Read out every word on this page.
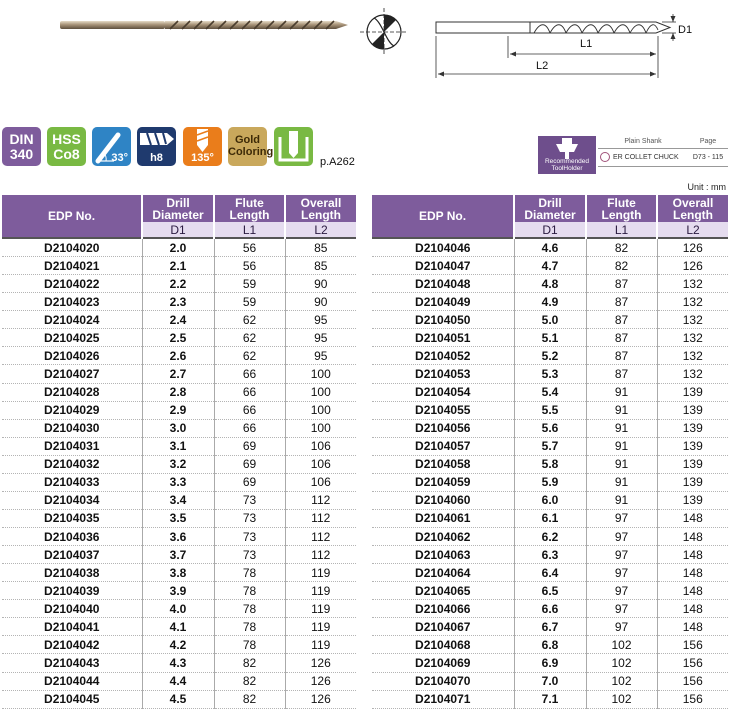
L1
L2
D1
DIN
340
HSS
Co8	33°	h8	135°
Gold
Coloring
p.A262	Recommended
ToolHolder
Plain Shank	Page
ER COLLET CHUCK	D73 - 115
Unit : mm
EDP No.	Drill
Diameter	Flute
Length	Overall
Length
	D1	L1	L2
D2104020	2.0	56	85
D2104021	2.1	56	85
D2104022	2.2	59	90
D2104023	2.3	59	90
D2104024	2.4	62	95
D2104025	2.5	62	95
D2104026	2.6	62	95
D2104027	2.7	66	100
D2104028	2.8	66	100
D2104029	2.9	66	100
D2104030	3.0	66	100
D2104031	3.1	69	106
D2104032	3.2	69	106
D2104033	3.3	69	106
D2104034	3.4	73	112
D2104035	3.5	73	112
D2104036	3.6	73	112
D2104037	3.7	73	112
D2104038	3.8	78	119
D2104039	3.9	78	119
D2104040	4.0	78	119
D2104041	4.1	78	119
D2104042	4.2	78	119
D2104043	4.3	82	126
D2104044	4.4	82	126
D2104045	4.5	82	126
EDP No.	Drill
Diameter	Flute
Length	Overall
Length
	D1	L1	L2
D2104046	4.6	82	126
D2104047	4.7	82	126
D2104048	4.8	87	132
D2104049	4.9	87	132
D2104050	5.0	87	132
D2104051	5.1	87	132
D2104052	5.2	87	132
D2104053	5.3	87	132
D2104054	5.4	91	139
D2104055	5.5	91	139
D2104056	5.6	91	139
D2104057	5.7	91	139
D2104058	5.8	91	139
D2104059	5.9	91	139
D2104060	6.0	91	139
D2104061	6.1	97	148
D2104062	6.2	97	148
D2104063	6.3	97	148
D2104064	6.4	97	148
D2104065	6.5	97	148
D2104066	6.6	97	148
D2104067	6.7	97	148
D2104068	6.8	102	156
D2104069	6.9	102	156
D2104070	7.0	102	156
D2104071	7.1	102	156
